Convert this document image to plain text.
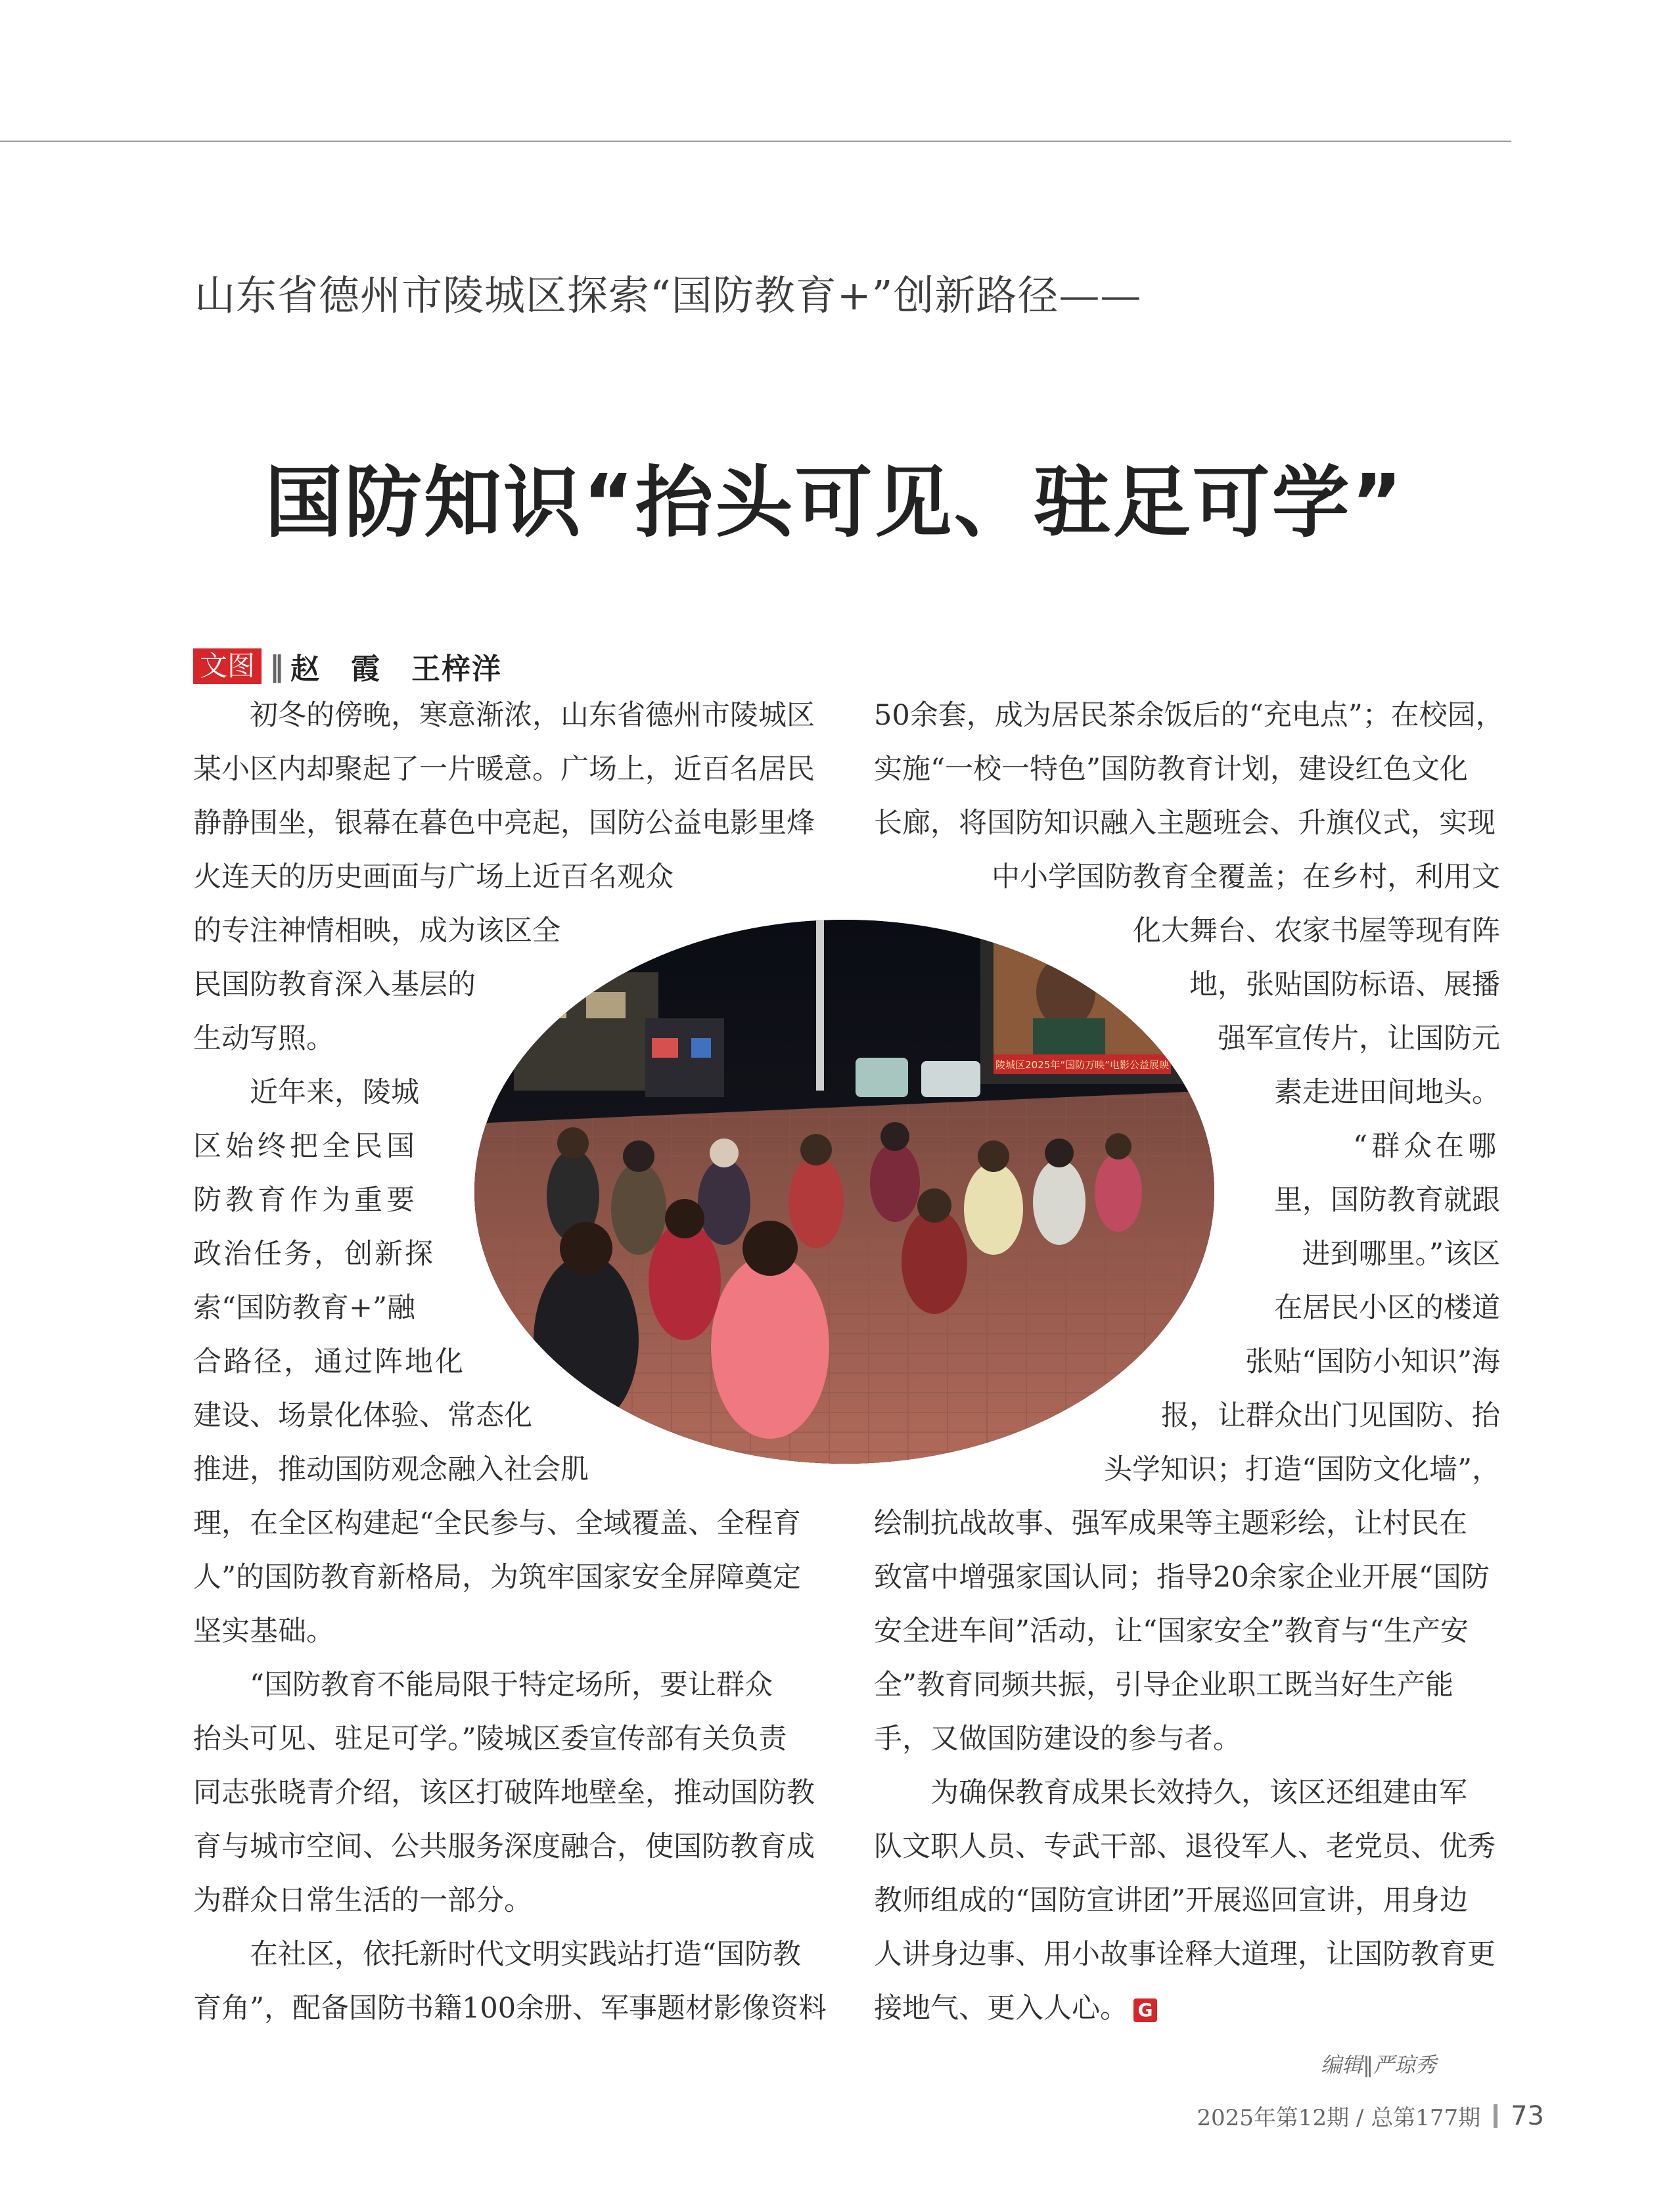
山东省德州市陵城区探索“国防教育+”创新路径——
国防知识“抬头可见、驻足可学”
文图 ‖ 赵　霞　王梓洋
　　初冬的傍晚，寒意渐浓，山东省德州市陵城区
某小区内却聚起了一片暖意。广场上，近百名居民
静静围坐，银幕在暮色中亮起，国防公益电影里烽
火连天的历史画面与广场上近百名观众
的专注神情相映，成为该区全
民国防教育深入基层的
生动写照。
　　近年来，陵城
区始终把全民国
防教育作为重要
政治任务，创新探
索“国防教育+”融
合路径，通过阵地化
建设、场景化体验、常态化
推进，推动国防观念融入社会肌
理，在全区构建起“全民参与、全域覆盖、全程育
人”的国防教育新格局，为筑牢国家安全屏障奠定
坚实基础。
　　“国防教育不能局限于特定场所，要让群众
抬头可见、驻足可学。”陵城区委宣传部有关负责
同志张晓青介绍，该区打破阵地壁垒，推动国防教
育与城市空间、公共服务深度融合，使国防教育成
为群众日常生活的一部分。
　　在社区，依托新时代文明实践站打造“国防教
育角”，配备国防书籍100余册、军事题材影像资料
50余套，成为居民茶余饭后的“充电点”；在校园，
实施“一校一特色”国防教育计划，建设红色文化
长廊，将国防知识融入主题班会、升旗仪式，实现
中小学国防教育全覆盖；在乡村，利用文
化大舞台、农家书屋等现有阵
地，张贴国防标语、展播
强军宣传片，让国防元
素走进田间地头。
“群众在哪
里，国防教育就跟
进到哪里。”该区
在居民小区的楼道
张贴“国防小知识”海
报，让群众出门见国防、抬
头学知识；打造“国防文化墙”，
绘制抗战故事、强军成果等主题彩绘，让村民在
致富中增强家国认同；指导20余家企业开展“国防
安全进车间”活动，让“国家安全”教育与“生产安
全”教育同频共振，引导企业职工既当好生产能
手，又做国防建设的参与者。
　　为确保教育成果长效持久，该区还组建由军
队文职人员、专武干部、退役军人、老党员、优秀
教师组成的“国防宣讲团”开展巡回宣讲，用身边
人讲身边事、用小故事诠释大道理，让国防教育更
接地气、更入人心。 G
陵城区2025年“国防万映”电影公益展映
编辑‖严琼秀
2025年第12期 / 总第177期 73
